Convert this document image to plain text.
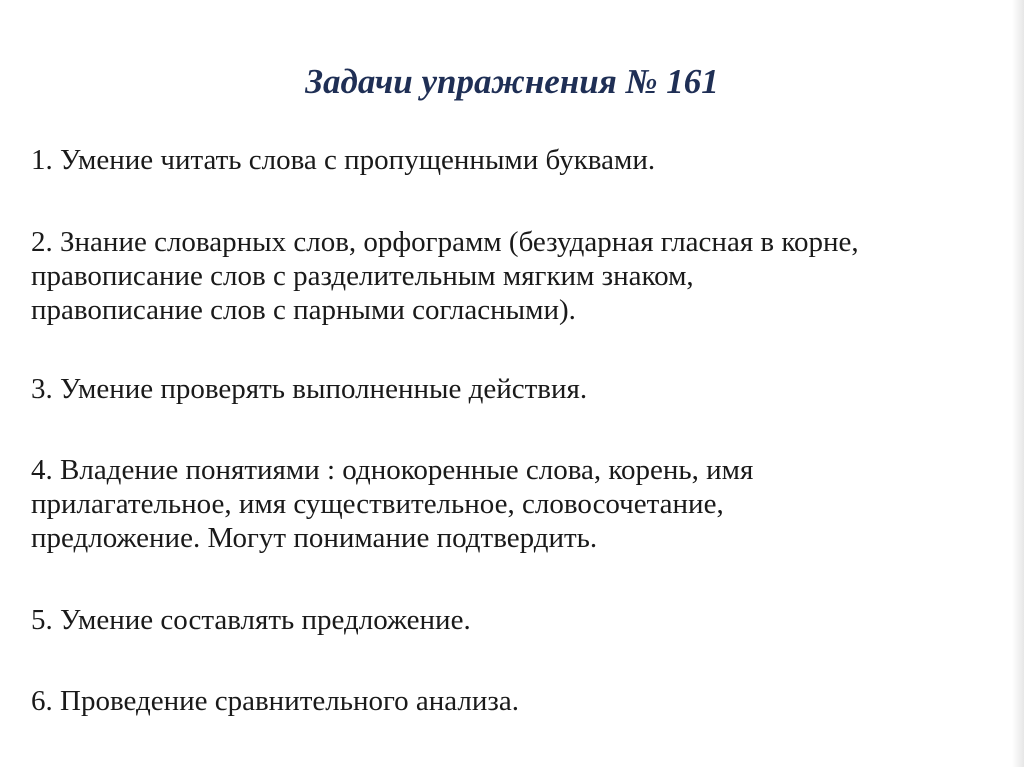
Задачи упражнения № 161

1. Умение читать слова с пропущенными буквами.

2. Знание словарных слов, орфограмм (безударная гласная в корне,
правописание слов с разделительным мягким знаком,
правописание слов с парными согласными).

3. Умение проверять выполненные действия.

4. Владение понятиями : однокоренные слова, корень, имя
прилагательное, имя существительное, словосочетание,
предложение. Могут понимание подтвердить.

5. Умение составлять предложение.

6. Проведение сравнительного анализа.
